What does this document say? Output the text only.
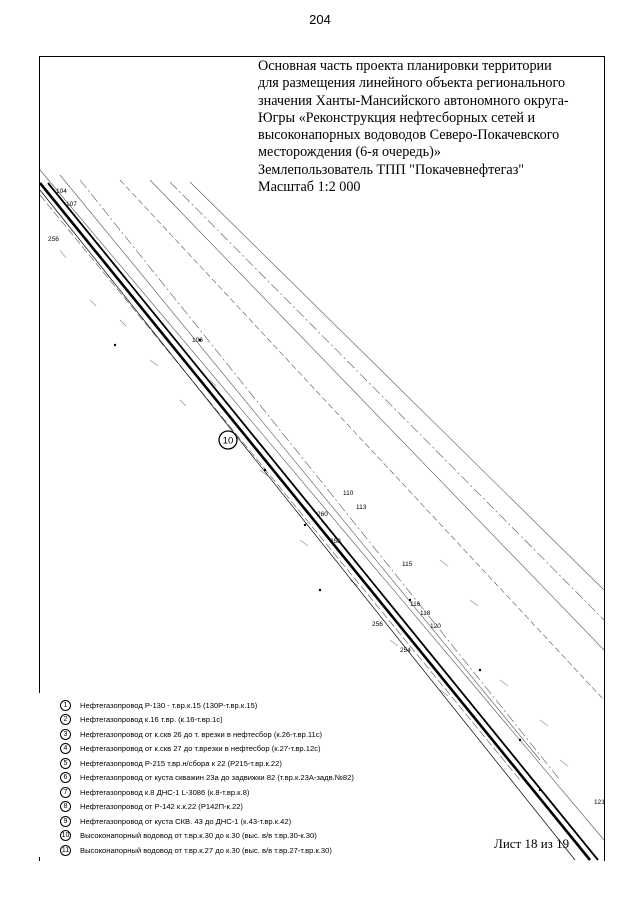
204
104
107
256
108
110
113
260
258
115
116
118
256	120
254
121
10
Основная часть проекта планировки территории
для размещения линейного объекта регионального
значения Ханты-Мансийского автономного округа-
Югры «Реконструкция нефтесборных сетей и
высоконапорных водоводов Северо-Покачевского
месторождения (6-я очередь)»
Землепользователь ТПП "Покачевнефтегаз"
Масштаб 1:2 000
1	Нефтегазопровод Р-130 - т.вр.к.15 (130Р-т.вр.к.15)
2	Нефтегазопровод к.16 т.вр. (к.16-т.вр.1с)
3	Нефтегазопровод от к.скв 26 до т. врезки в нефтесбор (к.26-т.вр.11с)
4	Нефтегазопровод от к.скв 27 до т.врезки в нефтесбор (к.27-т.вр.12с)
5	Нефтегазопровод Р-215 т.вр.н/сбора к 22 (Р215-т.вр.к.22)
6	Нефтегазопровод от куста скважин 23а до задвижки 82 (т.вр.к.23А-задв.№82)
7	Нефтегазопровод к.8 ДНС-1 L-3086 (к.8-т.вр.к.8)
8	Нефтегазопровод от Р-142 к.к.22 (Р142П-к.22)
9	Нефтегазопровод от куста СКВ. 43 до ДНС-1 (к.43-т.вр.к.42)
10 Высоконапорный водовод от т.вр.к.30 до к.30 (выс. в/в т.вр.30-к.30)
11 Высоконапорный водовод от т.вр.к.27 до к.30 (выс. в/в т.вр.27-т.вр.к.30)	Лист 18 из 19
